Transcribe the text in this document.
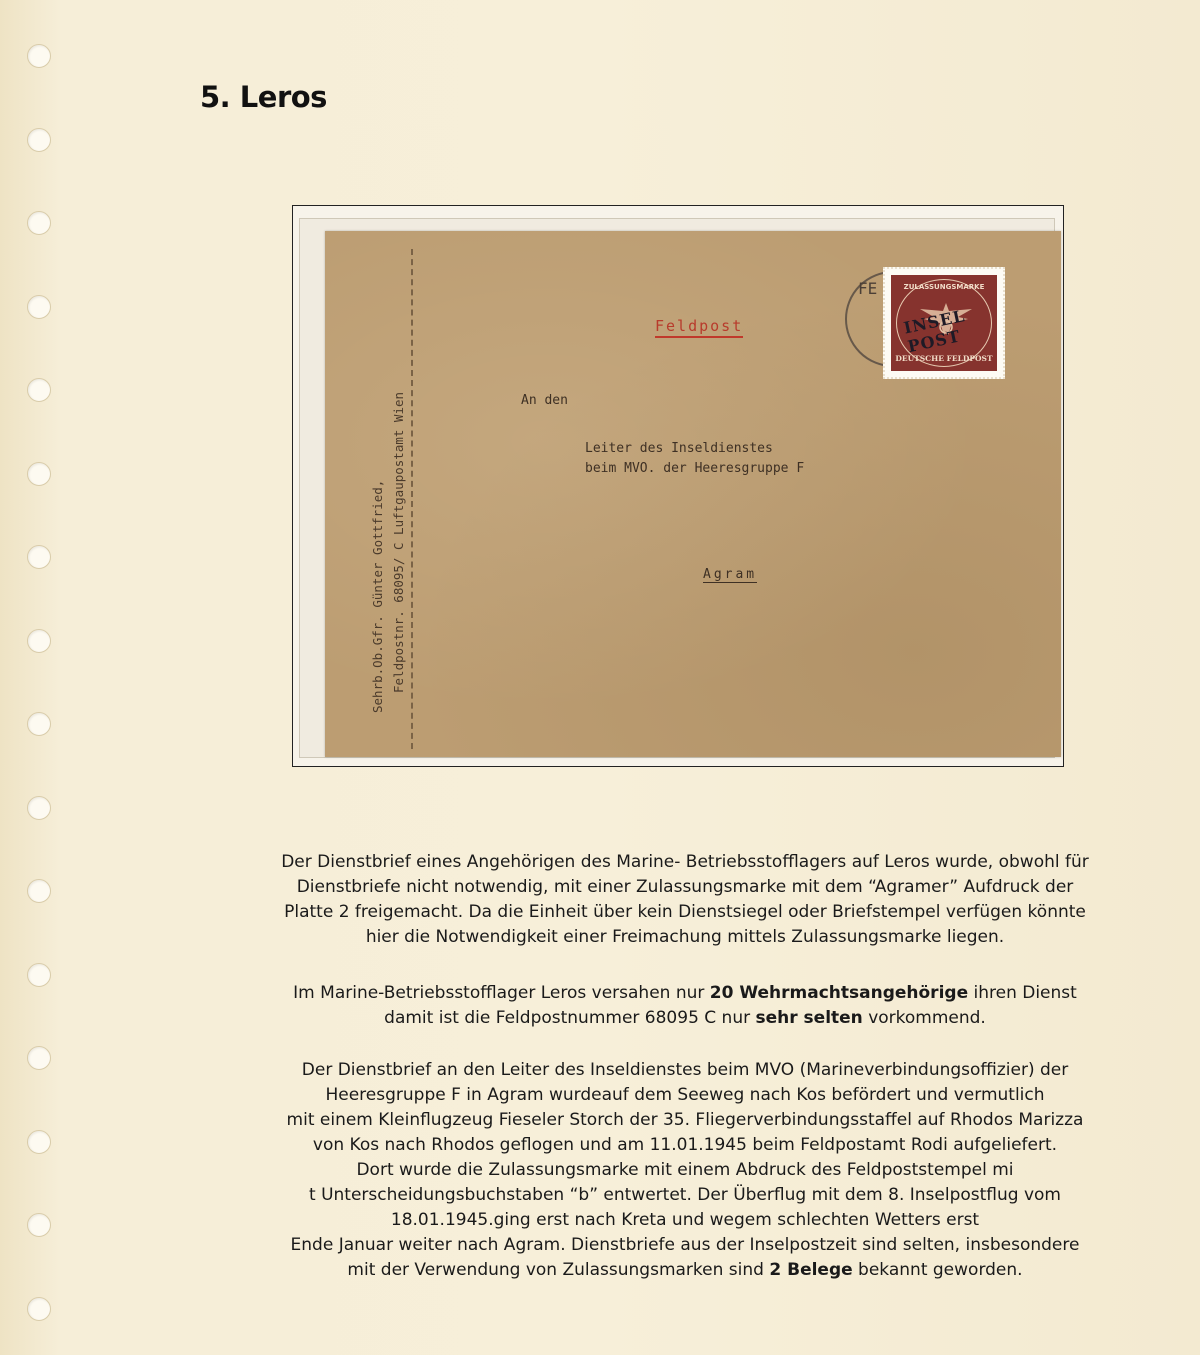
5. Leros
Sehrb.Ob.Gfr. Günter Gottfried, Feldpostnr. 68095/ C Luftgaupostamt Wien
Feldpost
An den
Leiter des Inseldienstes
beim MVO. der Heeresgruppe F
Agram
FE	ZULASSUNGSMARKE
INSEL POST
DEUTSCHE FELDPOST

Der Dienstbrief eines Angehörigen des Marine- Betriebsstofflagers auf Leros wurde, obwohl für

Dienstbriefe nicht notwendig, mit einer Zulassungsmarke mit dem “Agramer” Aufdruck der

Platte 2 freigemacht. Da die Einheit über kein Dienstsiegel oder Briefstempel verfügen könnte

hier die Notwendigkeit einer Freimachung mittels Zulassungsmarke liegen.

Im Marine-Betriebsstofflager Leros versahen nur 20 Wehrmachtsangehörige ihren Dienst

damit ist die Feldpostnummer 68095 C nur sehr selten vorkommend.

Der Dienstbrief an den Leiter des Inseldienstes beim MVO (Marineverbindungsoffizier) der

Heeresgruppe F in Agram wurdeauf dem Seeweg nach Kos befördert und vermutlich

mit einem Kleinflugzeug Fieseler Storch der 35. Fliegerverbindungsstaffel auf Rhodos Marizza

von Kos nach Rhodos geflogen und am 11.01.1945 beim Feldpostamt Rodi aufgeliefert.

Dort wurde die Zulassungsmarke mit einem Abdruck des Feldpoststempel mi

t Unterscheidungsbuchstaben “b” entwertet. Der Überflug mit dem 8. Inselpostflug vom

18.01.1945.ging erst nach Kreta und wegem schlechten Wetters erst

Ende Januar weiter nach Agram. Dienstbriefe aus der Inselpostzeit sind selten, insbesondere

mit der Verwendung von Zulassungsmarken sind 2 Belege bekannt geworden.
